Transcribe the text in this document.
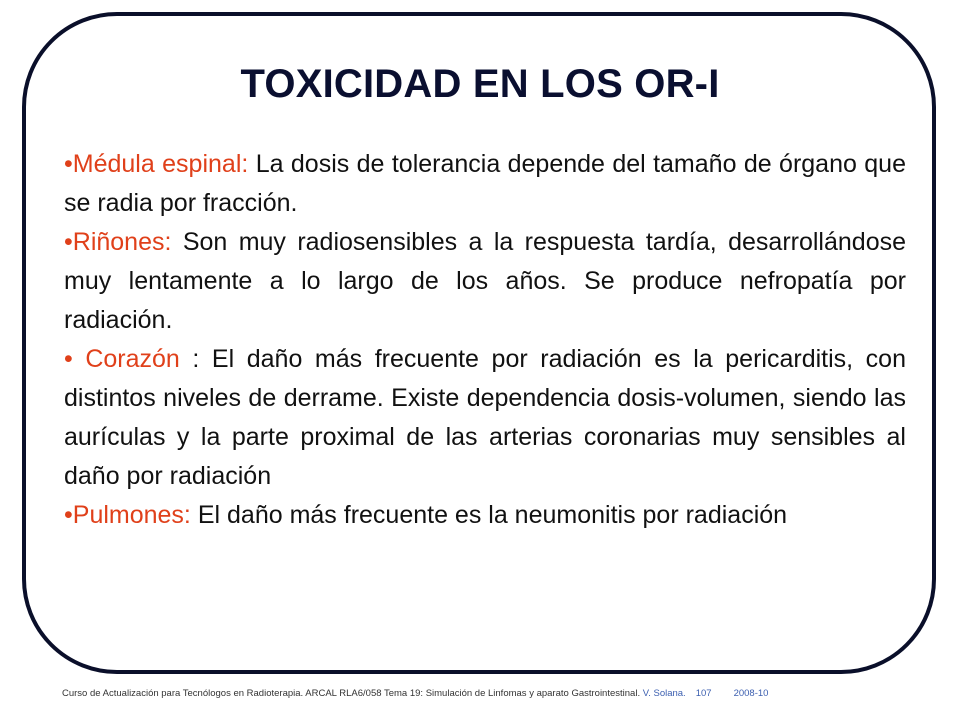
TOXICIDAD EN LOS OR-I

•Médula espinal: La dosis de tolerancia depende del tamaño de órgano que se radia por fracción.

•Riñones: Son muy radiosensibles a la respuesta tardía, desarrollándose muy lentamente a lo largo de los años. Se produce nefropatía por radiación.

• Corazón : El daño más frecuente por radiación es la pericarditis, con distintos niveles de derrame. Existe dependencia dosis-volumen, siendo las aurículas y la parte proximal de las arterias coronarias muy sensibles al daño por radiación

•Pulmones: El daño más frecuente es la neumonitis por radiación

Curso de Actualización para Tecnólogos en Radioterapia. ARCAL RLA6/058 Tema 19: Simulación de Linfomas y aparato Gastrointestinal. V. Solana. 107 2008-10
